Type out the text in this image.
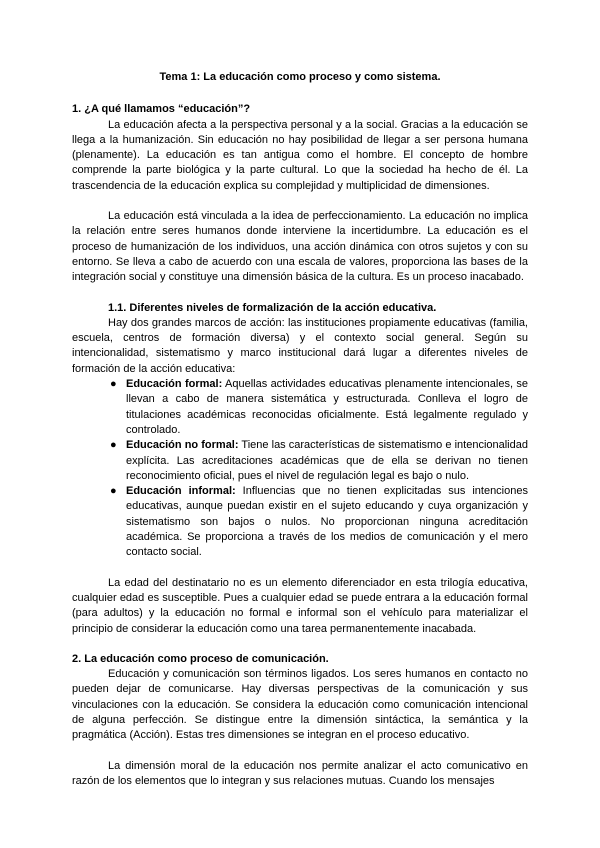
Tema 1: La educación como proceso y como sistema.
1. ¿A qué llamamos “educación”?

La educación afecta a la perspectiva personal y a la social. Gracias a la educación se llega a la humanización. Sin educación no hay posibilidad de llegar a ser persona humana (plenamente). La educación es tan antigua como el hombre. El concepto de hombre comprende la parte biológica y la parte cultural. Lo que la sociedad ha hecho de él. La trascendencia de la educación explica su complejidad y multiplicidad de dimensiones.

La educación está vinculada a la idea de perfeccionamiento. La educación no implica la relación entre seres humanos donde interviene la incertidumbre. La educación es el proceso de humanización de los individuos, una acción dinámica con otros sujetos y con su entorno. Se lleva a cabo de acuerdo con una escala de valores, proporciona las bases de la integración social y constituye una dimensión básica de la cultura. Es un proceso inacabado.

1.1. Diferentes niveles de formalización de la acción educativa.

Hay dos grandes marcos de acción: las instituciones propiamente educativas (familia, escuela, centros de formación diversa) y el contexto social general. Según su intencionalidad, sistematismo y marco institucional dará lugar a diferentes niveles de formación de la acción educativa:

● Educación formal: Aquellas actividades educativas plenamente intencionales, se llevan a cabo de manera sistemática y estructurada. Conlleva el logro de titulaciones académicas reconocidas oficialmente. Está legalmente regulado y controlado.
● Educación no formal: Tiene las características de sistematismo e intencionalidad explícita. Las acreditaciones académicas que de ella se derivan no tienen reconocimiento oficial, pues el nivel de regulación legal es bajo o nulo.
● Educación informal: Influencias que no tienen explicitadas sus intenciones educativas, aunque puedan existir en el sujeto educando y cuya organización y sistematismo son bajos o nulos. No proporcionan ninguna acreditación académica. Se proporciona a través de los medios de comunicación y el mero contacto social.

La edad del destinatario no es un elemento diferenciador en esta trilogía educativa, cualquier edad es susceptible. Pues a cualquier edad se puede entrara a la educación formal (para adultos) y la educación no formal e informal son el vehículo para materializar el principio de considerar la educación como una tarea permanentemente inacabada.

2. La educación como proceso de comunicación.

Educación y comunicación son términos ligados. Los seres humanos en contacto no pueden dejar de comunicarse. Hay diversas perspectivas de la comunicación y sus vinculaciones con la educación. Se considera la educación como comunicación intencional de alguna perfección. Se distingue entre la dimensión sintáctica, la semántica y la pragmática (Acción). Estas tres dimensiones se integran en el proceso educativo.

La dimensión moral de la educación nos permite analizar el acto comunicativo en razón de los elementos que lo integran y sus relaciones mutuas. Cuando los mensajes
